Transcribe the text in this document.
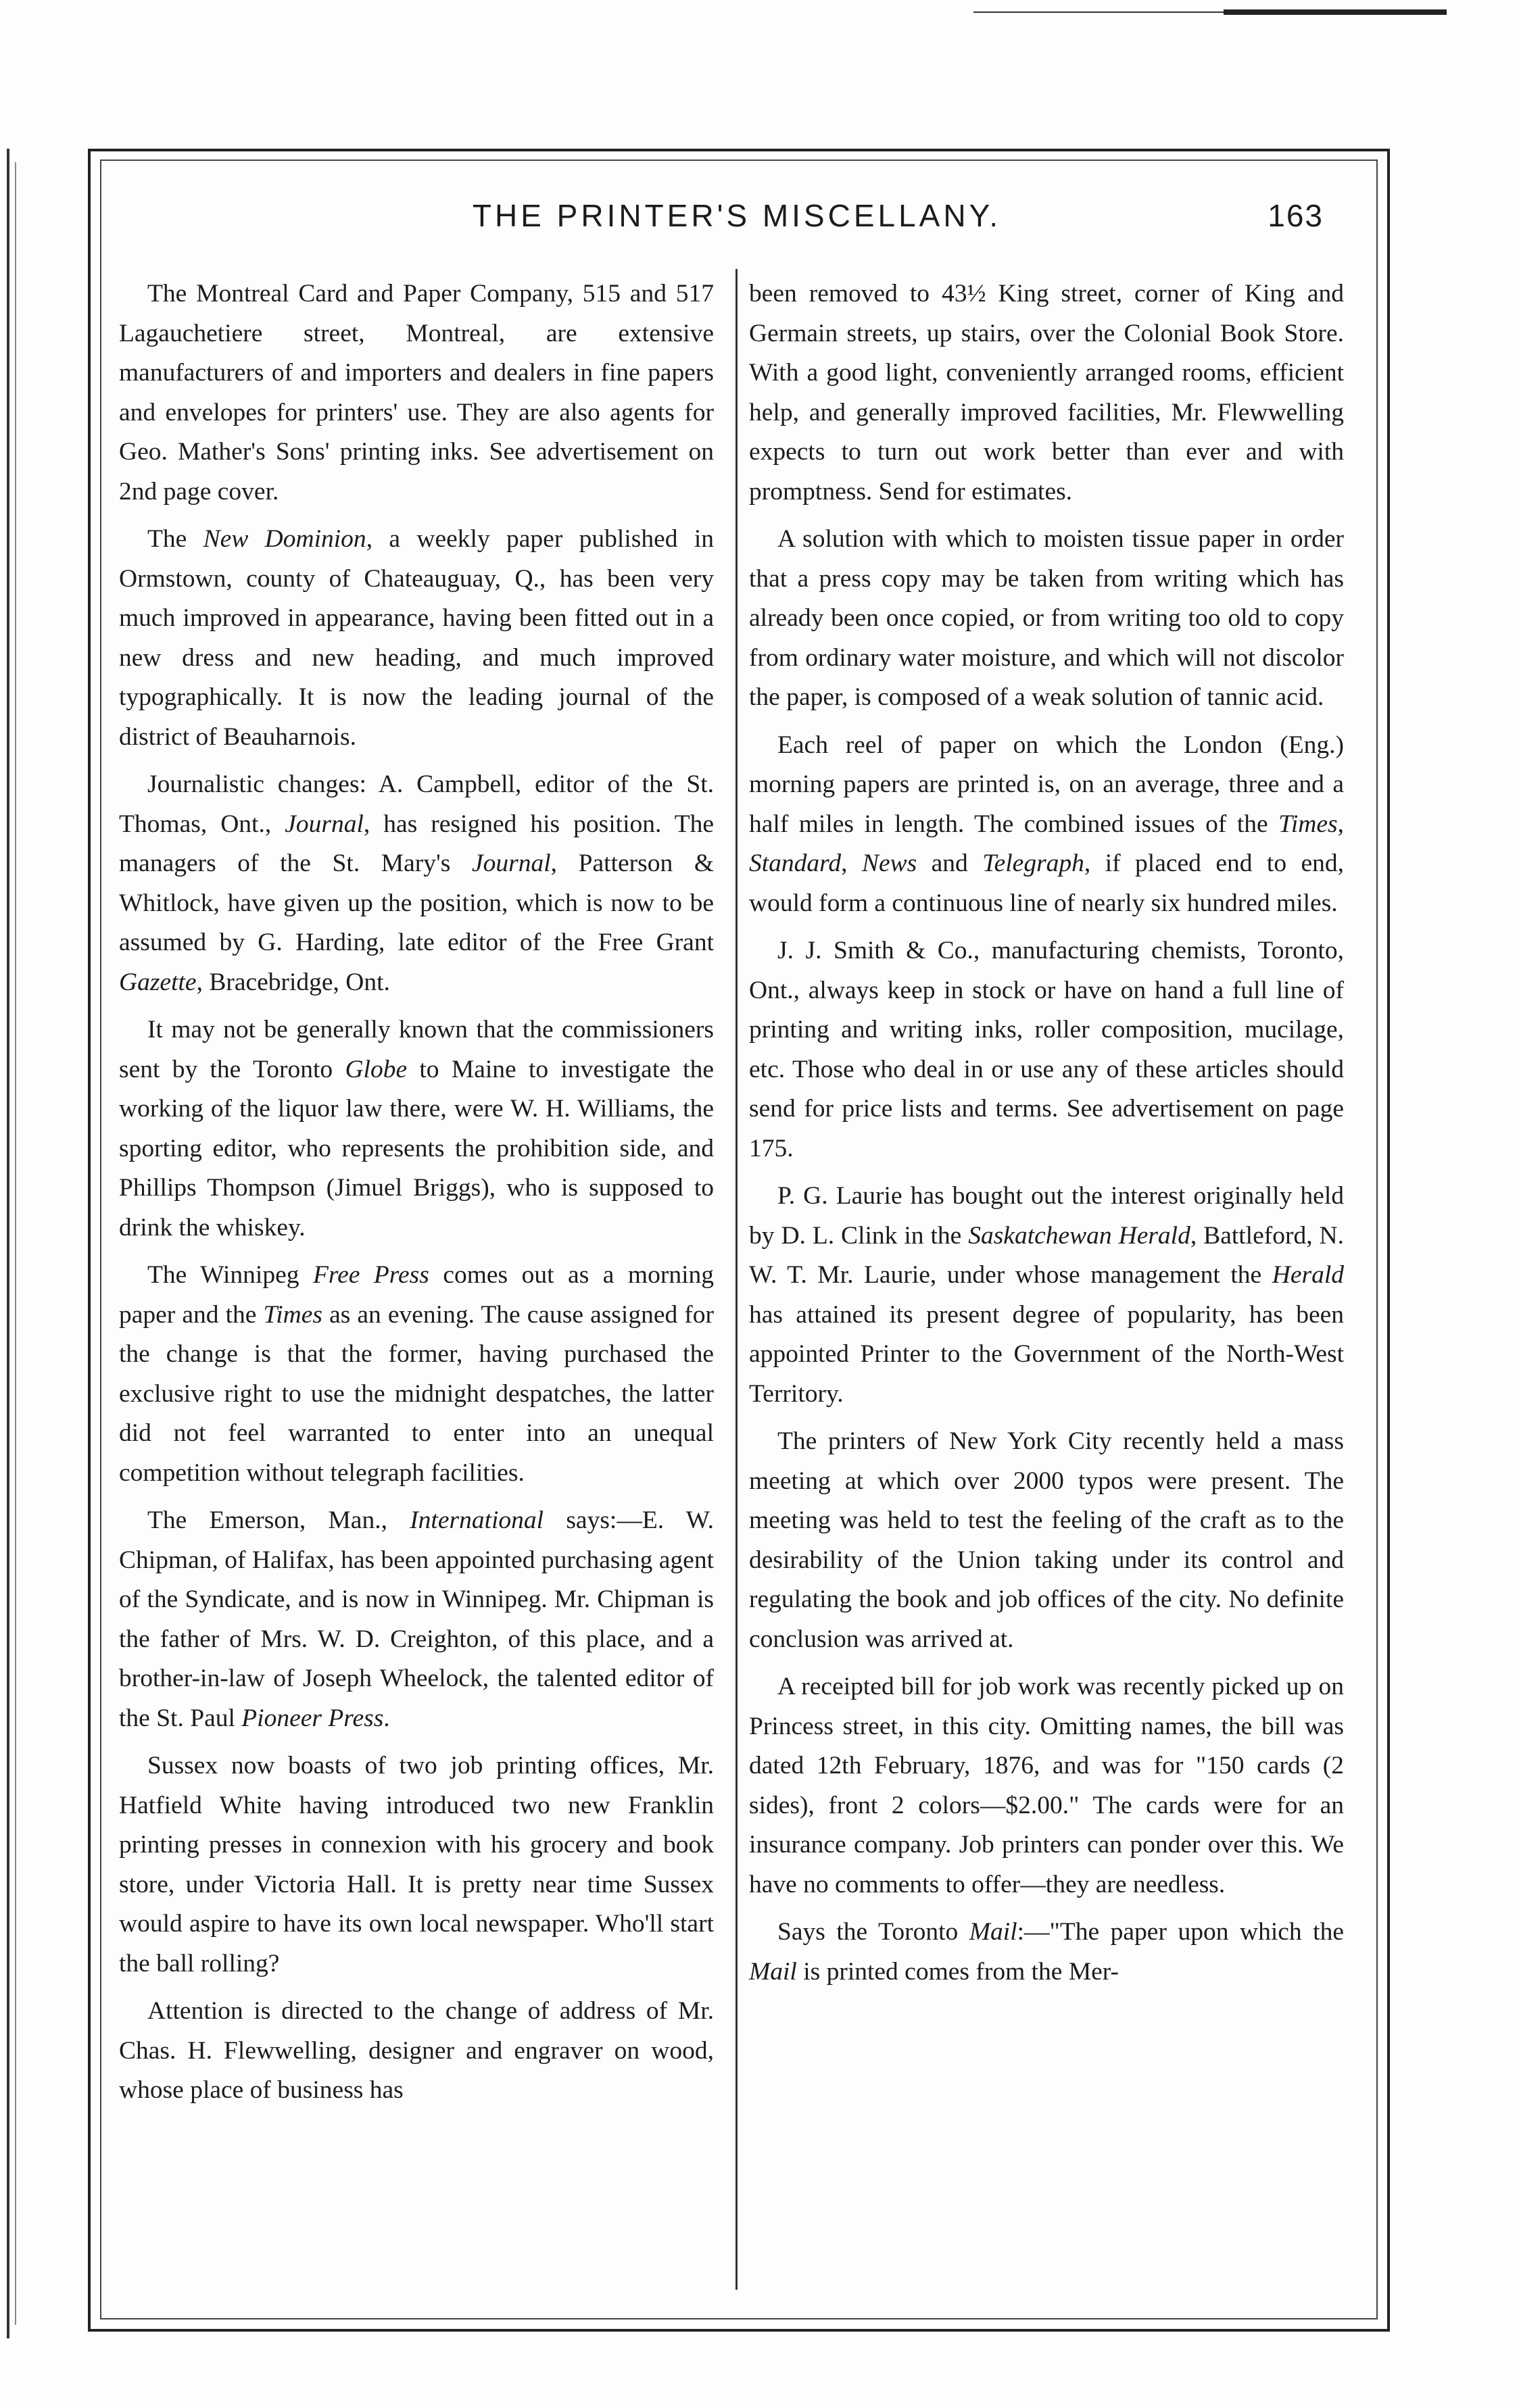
THE PRINTER'S MISCELLANY.	163

The Montreal Card and Paper Company, 515 and 517 Lagauchetiere street, Montreal, are extensive manufacturers of and importers and dealers in fine papers and envelopes for printers' use. They are also agents for Geo. Mather's Sons' printing inks. See advertisement on 2nd page cover.

The New Dominion, a weekly paper published in Ormstown, county of Chateauguay, Q., has been very much improved in appearance, having been fitted out in a new dress and new heading, and much improved typographically. It is now the leading journal of the district of Beauharnois.

Journalistic changes: A. Campbell, editor of the St. Thomas, Ont., Journal, has resigned his position. The managers of the St. Mary's Journal, Patterson & Whitlock, have given up the position, which is now to be assumed by G. Harding, late editor of the Free Grant Gazette, Bracebridge, Ont.

It may not be generally known that the commissioners sent by the Toronto Globe to Maine to investigate the working of the liquor law there, were W. H. Williams, the sporting editor, who represents the prohibition side, and Phillips Thompson (Jimuel Briggs), who is supposed to drink the whiskey.

The Winnipeg Free Press comes out as a morning paper and the Times as an evening. The cause assigned for the change is that the former, having purchased the exclusive right to use the midnight despatches, the latter did not feel warranted to enter into an unequal competition without telegraph facilities.

The Emerson, Man., International says:—E. W. Chipman, of Halifax, has been appointed purchasing agent of the Syndicate, and is now in Winnipeg. Mr. Chipman is the father of Mrs. W. D. Creighton, of this place, and a brother-in-law of Joseph Wheelock, the talented editor of the St. Paul Pioneer Press.

Sussex now boasts of two job printing offices, Mr. Hatfield White having introduced two new Franklin printing presses in connexion with his grocery and book store, under Victoria Hall. It is pretty near time Sussex would aspire to have its own local newspaper. Who'll start the ball rolling?

Attention is directed to the change of address of Mr. Chas. H. Flewwelling, designer and engraver on wood, whose place of business has

been removed to 43½ King street, corner of King and Germain streets, up stairs, over the Colonial Book Store. With a good light, conveniently arranged rooms, efficient help, and generally improved facilities, Mr. Flewwelling expects to turn out work better than ever and with promptness. Send for estimates.

A solution with which to moisten tissue paper in order that a press copy may be taken from writing which has already been once copied, or from writing too old to copy from ordinary water moisture, and which will not discolor the paper, is composed of a weak solution of tannic acid.

Each reel of paper on which the London (Eng.) morning papers are printed is, on an average, three and a half miles in length. The combined issues of the Times, Standard, News and Telegraph, if placed end to end, would form a continuous line of nearly six hundred miles.

J. J. Smith & Co., manufacturing chemists, Toronto, Ont., always keep in stock or have on hand a full line of printing and writing inks, roller composition, mucilage, etc. Those who deal in or use any of these articles should send for price lists and terms. See advertisement on page 175.

P. G. Laurie has bought out the interest originally held by D. L. Clink in the Saskatchewan Herald, Battleford, N. W. T. Mr. Laurie, under whose management the Herald has attained its present degree of popularity, has been appointed Printer to the Government of the North-West Territory.

The printers of New York City recently held a mass meeting at which over 2000 typos were present. The meeting was held to test the feeling of the craft as to the desirability of the Union taking under its control and regulating the book and job offices of the city. No definite conclusion was arrived at.

A receipted bill for job work was recently picked up on Princess street, in this city. Omitting names, the bill was dated 12th February, 1876, and was for "150 cards (2 sides), front 2 colors—$2.00." The cards were for an insurance company. Job printers can ponder over this. We have no comments to offer—they are needless.

Says the Toronto Mail:—"The paper upon which the Mail is printed comes from the Mer-
